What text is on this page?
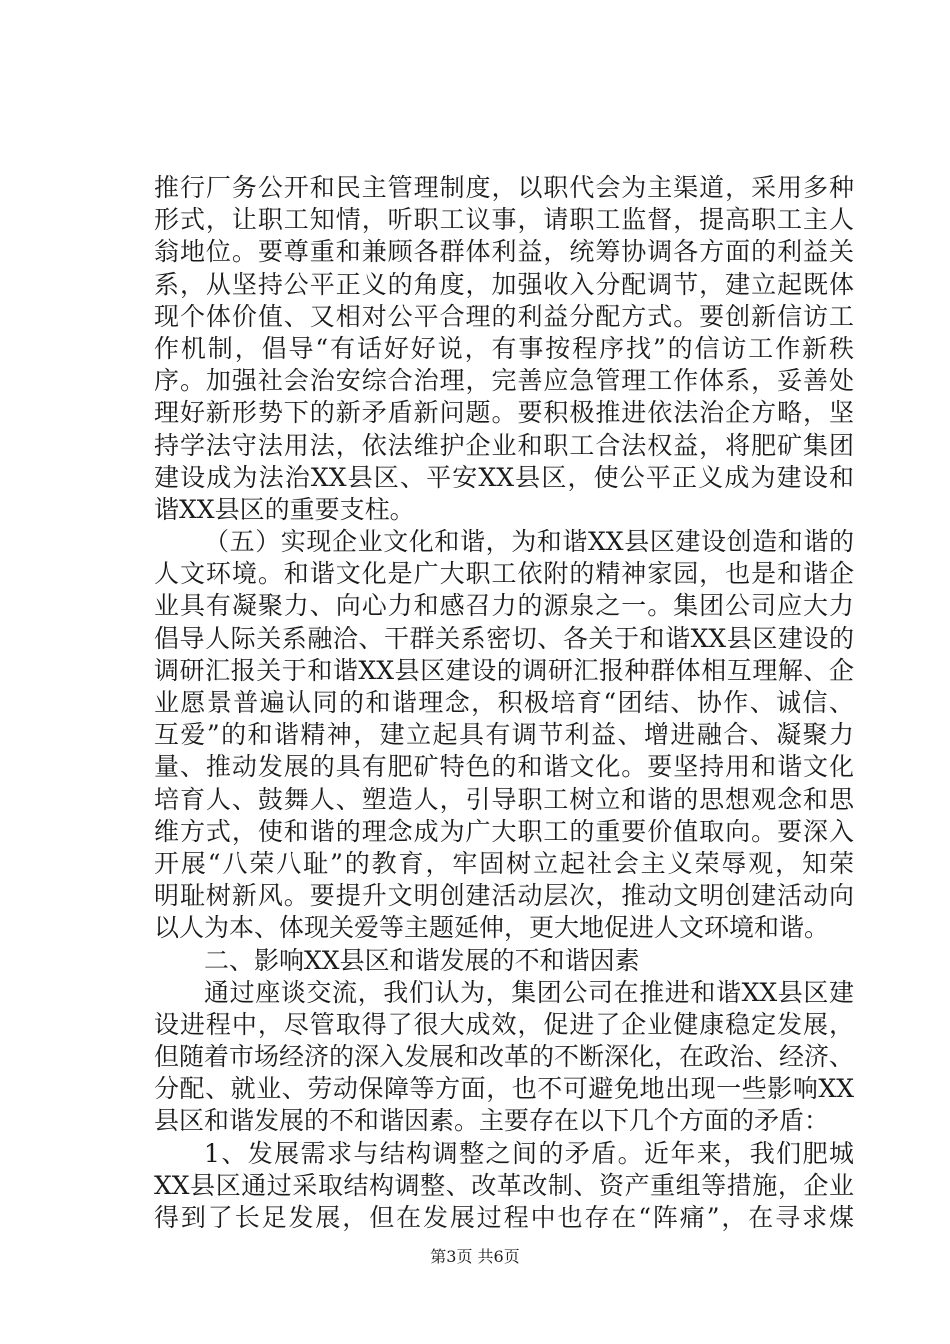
推行厂务公开和民主管理制度，以职代会为主渠道，采用多种
形式，让职工知情，听职工议事，请职工监督，提高职工主人
翁地位。要尊重和兼顾各群体利益，统筹协调各方面的利益关
系，从坚持公平正义的角度，加强收入分配调节，建立起既体
现个体价值、又相对公平合理的利益分配方式。要创新信访工
作机制，倡导“有话好好说，有事按程序找”的信访工作新秩
序。加强社会治安综合治理，完善应急管理工作体系，妥善处
理好新形势下的新矛盾新问题。要积极推进依法治企方略，坚
持学法守法用法，依法维护企业和职工合法权益，将肥矿集团
建设成为法治XX县区、平安XX县区，使公平正义成为建设和
谐XX县区的重要支柱。
（五）实现企业文化和谐，为和谐XX县区建设创造和谐的
人文环境。和谐文化是广大职工依附的精神家园，也是和谐企
业具有凝聚力、向心力和感召力的源泉之一。集团公司应大力
倡导人际关系融洽、干群关系密切、各关于和谐XX县区建设的
调研汇报关于和谐XX县区建设的调研汇报种群体相互理解、企
业愿景普遍认同的和谐理念，积极培育“团结、协作、诚信、
互爱”的和谐精神，建立起具有调节利益、增进融合、凝聚力
量、推动发展的具有肥矿特色的和谐文化。要坚持用和谐文化
培育人、鼓舞人、塑造人，引导职工树立和谐的思想观念和思
维方式，使和谐的理念成为广大职工的重要价值取向。要深入
开展“八荣八耻”的教育，牢固树立起社会主义荣辱观，知荣
明耻树新风。要提升文明创建活动层次，推动文明创建活动向
以人为本、体现关爱等主题延伸，更大地促进人文环境和谐。
二、影响XX县区和谐发展的不和谐因素
通过座谈交流，我们认为，集团公司在推进和谐XX县区建
设进程中，尽管取得了很大成效，促进了企业健康稳定发展，
但随着市场经济的深入发展和改革的不断深化，在政治、经济、
分配、就业、劳动保障等方面，也不可避免地出现一些影响XX
县区和谐发展的不和谐因素。主要存在以下几个方面的矛盾：
1、发展需求与结构调整之间的矛盾。近年来，我们肥城
XX县区通过采取结构调整、改革改制、资产重组等措施，企业
得到了长足发展，但在发展过程中也存在“阵痛”，在寻求煤
第3页 共6页
